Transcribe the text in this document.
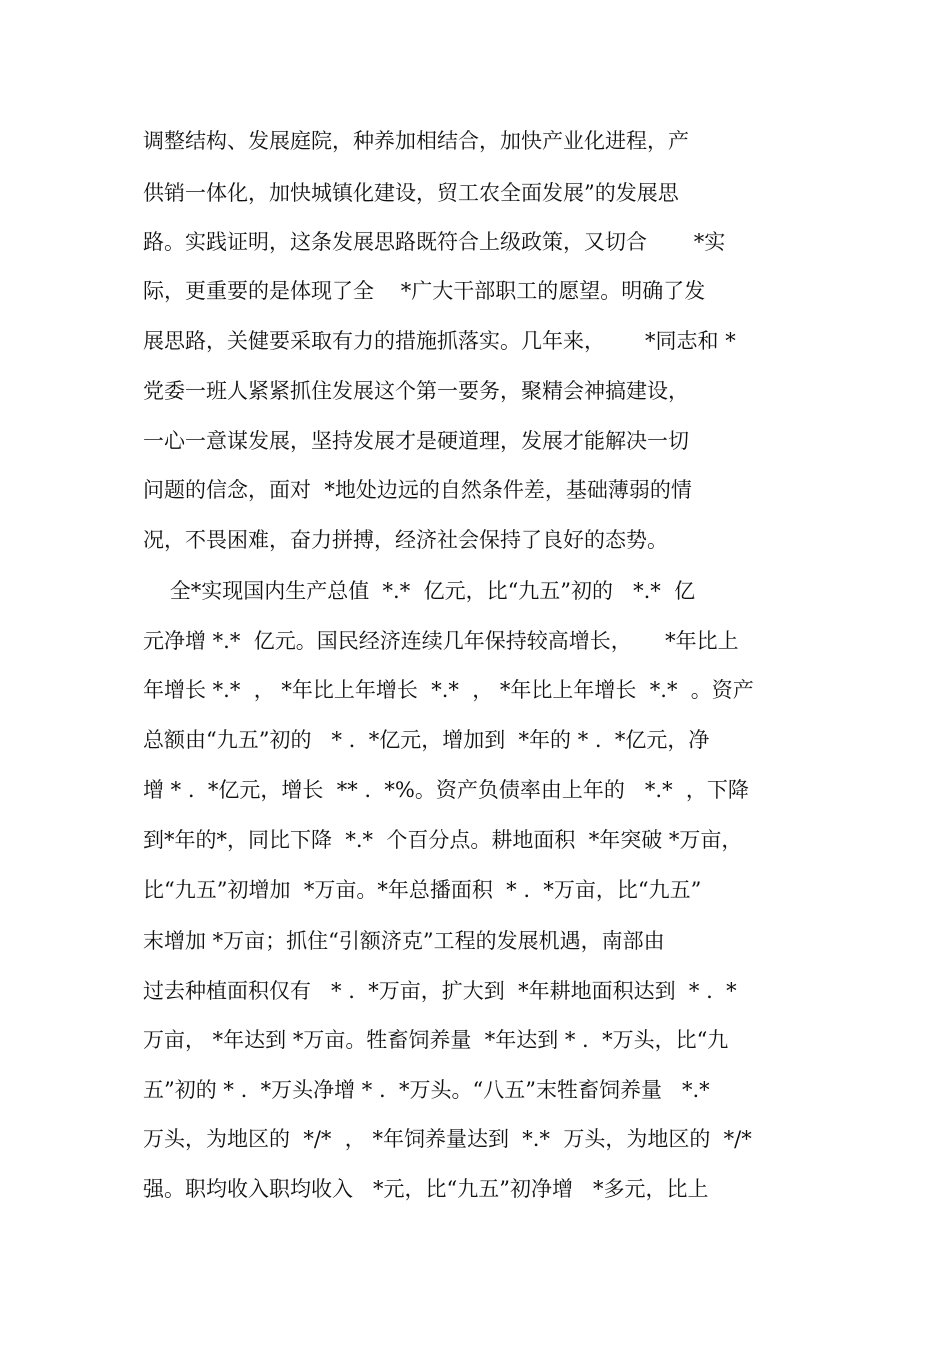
调整结构、发展庭院，种养加相结合，加快产业化进程，产
供销一体化，加快城镇化建设，贸工农全面发展”的发展思
路。实践证明，这条发展思路既符合上级政策，又切合       *实
际，更重要的是体现了全    *广大干部职工的愿望。明确了发
展思路，关健要采取有力的措施抓落实。几年来，      *同志和 *
党委一班人紧紧抓住发展这个第一要务，聚精会神搞建设，
一心一意谋发展，坚持发展才是硬道理，发展才能解决一切
问题的信念，面对  *地处边远的自然条件差，基础薄弱的情
况，不畏困难，奋力拼搏，经济社会保持了良好的态势。
全*实现国内生产总值  *.*  亿元，比“九五”初的   *.*  亿
元净增 *.*  亿元。国民经济连续几年保持较高增长，     *年比上
年增长 *.*  ， *年比上年增长  *.*  ， *年比上年增长  *.*  。资产
总额由“九五”初的   * .  *亿元，增加到  *年的 * .  *亿元，净
增 * .  *亿元，增长  ** .  *%。资产负债率由上年的   *.*  ，下降
到*年的*，同比下降  *.*  个百分点。耕地面积  *年突破 *万亩，
比“九五”初增加  *万亩。*年总播面积  * .  *万亩，比“九五”
末增加 *万亩；抓住“引额济克”工程的发展机遇，南部由
过去种植面积仅有   * .  *万亩，扩大到  *年耕地面积达到  * .  *
万亩， *年达到 *万亩。牲畜饲养量  *年达到 * .  *万头，比“九
五”初的 * .  *万头净增 * .  *万头。“八五”末牲畜饲养量   *.*
万头，为地区的  */*  ， *年饲养量达到  *.*  万头，为地区的  */*
强。职均收入职均收入   *元，比“九五”初净增   *多元，比上
